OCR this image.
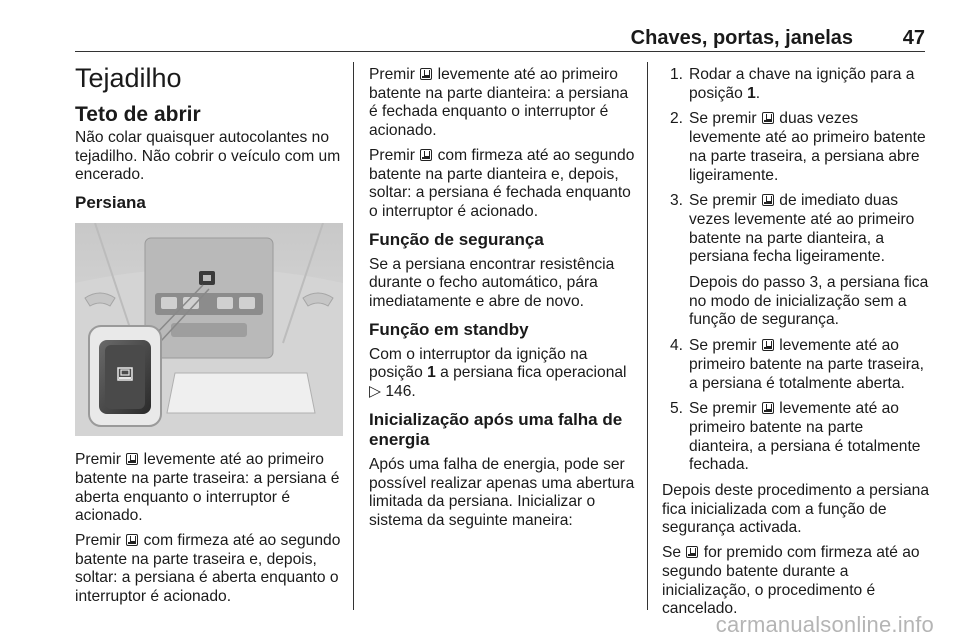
Chaves, portas, janelas 47
Tejadilho
Teto de abrir

Não colar quaisquer autocolantes no tejadilho. Não cobrir o veículo com um encerado.

Persiana

Premir levemente até ao primeiro batente na parte traseira: a persiana é aberta enquanto o interruptor é acionado.

Premir com firmeza até ao segundo batente na parte traseira e, depois, soltar: a persiana é aberta enquanto o interruptor é acionado.

Premir levemente até ao primeiro batente na parte dianteira: a persiana é fechada enquanto o interruptor é acionado.

Premir com firmeza até ao segundo batente na parte dianteira e, depois, soltar: a persiana é fechada enquanto o interruptor é acionado.

Função de segurança

Se a persiana encontrar resistência durante o fecho automático, pára imediatamente e abre de novo.

Função em standby

Com o interruptor da ignição na posição 1 a persiana fica operacional
▷ 146.

Inicialização após uma falha de energia

Após uma falha de energia, pode ser possível realizar apenas uma abertura limitada da persiana. Inicializar o sistema da seguinte maneira:

1. Rodar a chave na ignição para a posição 1.
2. Se premir duas vezes levemente até ao primeiro batente na parte traseira, a persiana abre ligeiramente.
3. Se premir de imediato duas vezes levemente até ao primeiro batente na parte dianteira, a persiana fecha ligeiramente.

Depois do passo 3, a persiana fica no modo de inicialização sem a função de segurança.

4. Se premir levemente até ao primeiro batente na parte traseira, a persiana é totalmente aberta.
5. Se premir levemente até ao primeiro batente na parte dianteira, a persiana é totalmente fechada.

Depois deste procedimento a persiana fica inicializada com a função de segurança activada.

Se for premido com firmeza até ao segundo batente durante a inicialização, o procedimento é cancelado.

carmanualsonline.info
